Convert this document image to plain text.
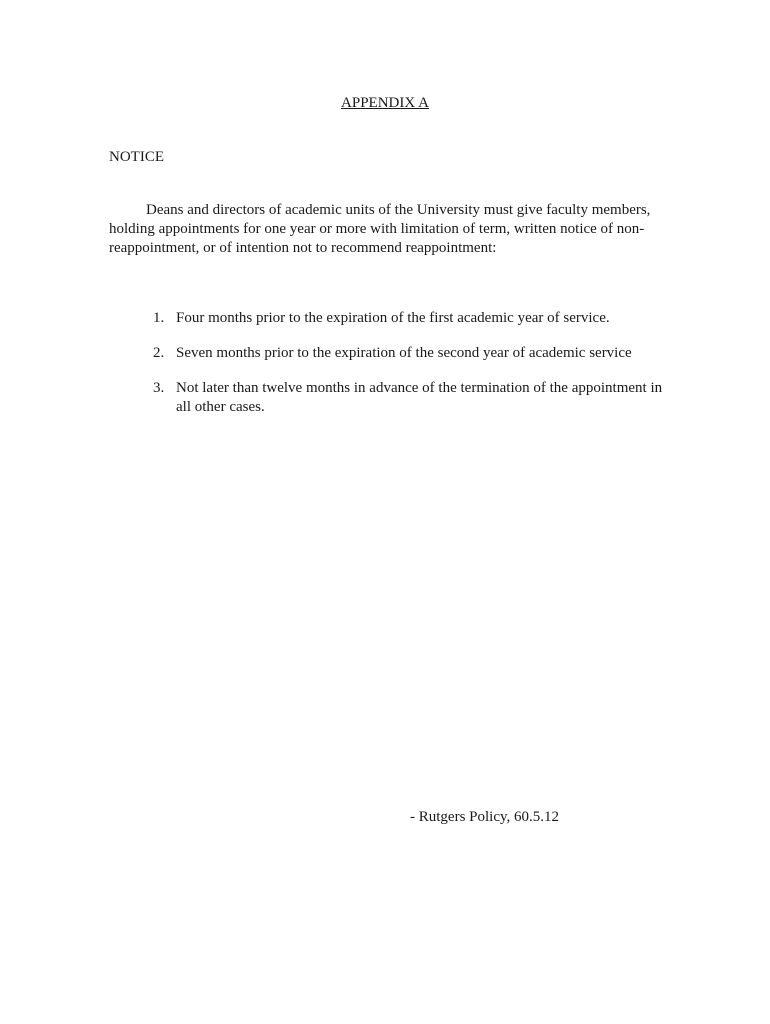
APPENDIX A
NOTICE

Deans and directors of academic units of the University must give faculty members, holding appointments for one year or more with limitation of term, written notice of non-reappointment, or of intention not to recommend reappointment:

1. Four months prior to the expiration of the first academic year of service.
2. Seven months prior to the expiration of the second year of academic service
3. Not later than twelve months in advance of the termination of the appointment in all other cases.
- Rutgers Policy, 60.5.12
